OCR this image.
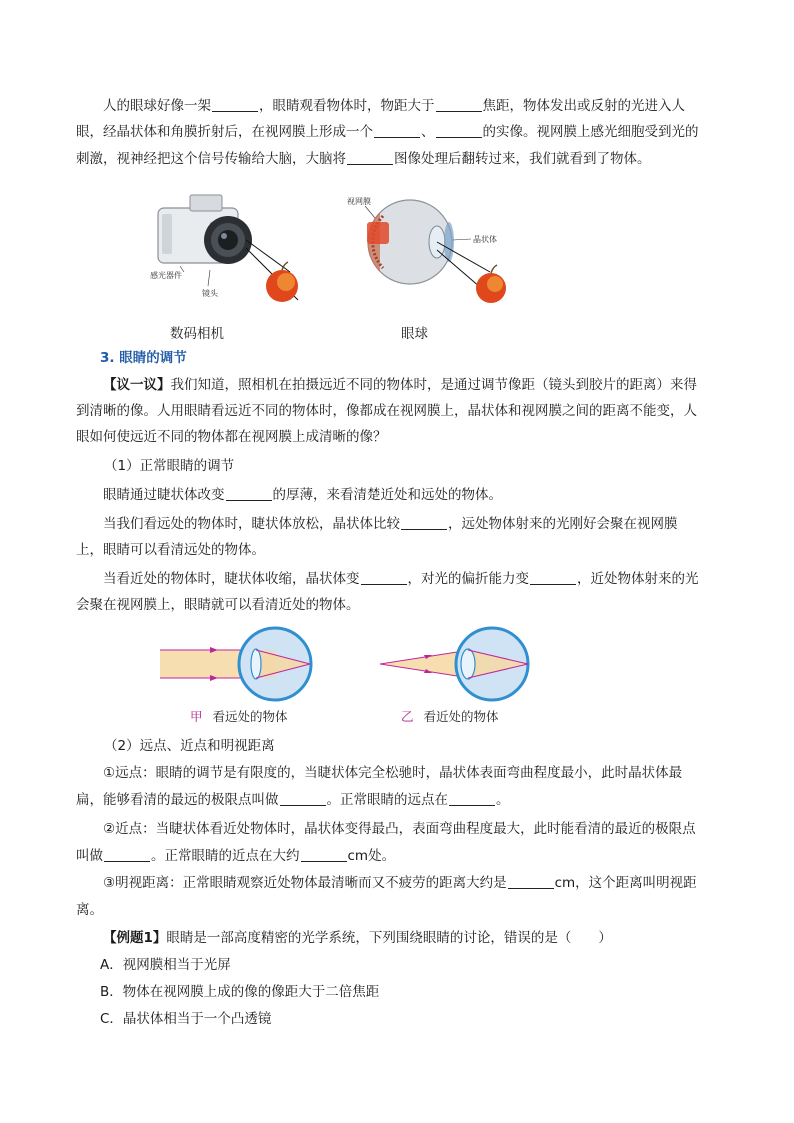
人的眼球好像一架	，眼睛观看物体时，物距大于	焦距，物体发出或反射的光进入人

眼，经晶状体和角膜折射后，在视网膜上形成一个	、	的实像。视网膜上感光细胞受到光的

刺激，视神经把这个信号传输给大脑，大脑将	图像处理后翻转过来，我们就看到了物体。

感光器件
镜头
视网膜
晶状体
数码相机	眼球

3. 眼睛的调节

【议一议】我们知道，照相机在拍摄远近不同的物体时，是通过调节像距（镜头到胶片的距离）来得

到清晰的像。人用眼睛看远近不同的物体时，像都成在视网膜上，晶状体和视网膜之间的距离不能变，人

眼如何使远近不同的物体都在视网膜上成清晰的像？

（1）正常眼睛的调节

眼睛通过睫状体改变	的厚薄，来看清楚近处和远处的物体。

当我们看远处的物体时，睫状体放松，晶状体比较	，远处物体射来的光刚好会聚在视网膜

上，眼睛可以看清远处的物体。

当看近处的物体时，睫状体收缩，晶状体变	，对光的偏折能力变	，近处物体射来的光

会聚在视网膜上，眼睛就可以看清近处的物体。

甲 看远处的物体	乙 看近处的物体

（2）远点、近点和明视距离

①远点：眼睛的调节是有限度的，当睫状体完全松驰时，晶状体表面弯曲程度最小，此时晶状体最

扁，能够看清的最远的极限点叫做	。正常眼睛的远点在	。

②近点：当睫状体看近处物体时，晶状体变得最凸，表面弯曲程度最大，此时能看清的最近的极限点

叫做	。正常眼睛的近点在大约	cm处。

③明视距离：正常眼睛观察近处物体最清晰而又不疲劳的距离大约是	cm，这个距离叫明视距

离。

【例题1】眼睛是一部高度精密的光学系统，下列围绕眼睛的讨论，错误的是（　　）

A．视网膜相当于光屏

B．物体在视网膜上成的像的像距大于二倍焦距

C．晶状体相当于一个凸透镜
